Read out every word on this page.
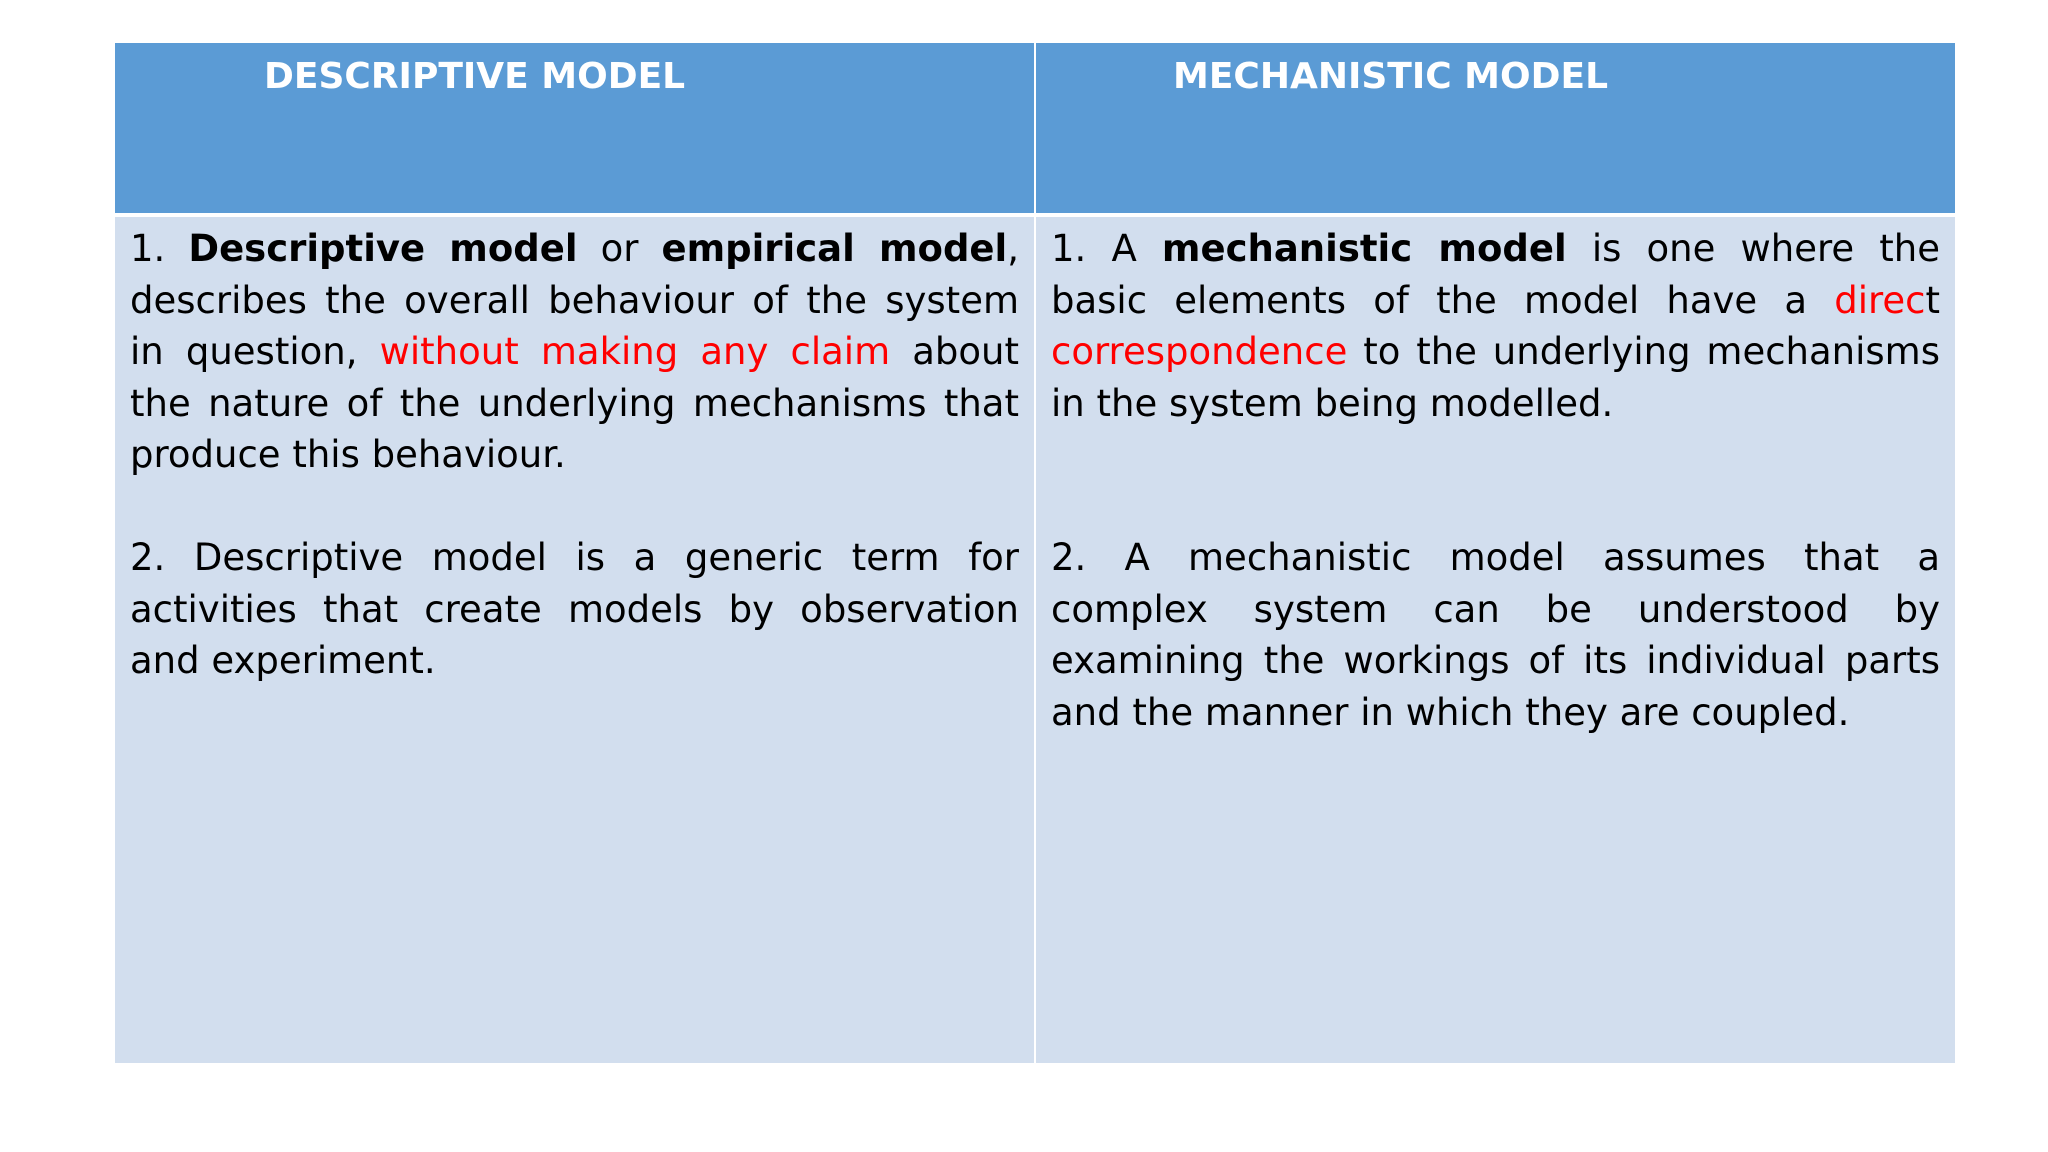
DESCRIPTIVE MODEL	MECHANISTIC MODEL

1. Descriptive model or empirical model, describes the overall behaviour of the system in question, without making any claim about the nature of the underlying mechanisms that produce this behaviour.

2. Descriptive model is a generic term for activities that create models by observation and experiment.

1. A mechanistic model is one where the basic elements of the model have a direct correspondence to the underlying mechanisms in the system being modelled.

2. A mechanistic model assumes that a complex system can be understood by examining the workings of its individual parts and the manner in which they are coupled.
